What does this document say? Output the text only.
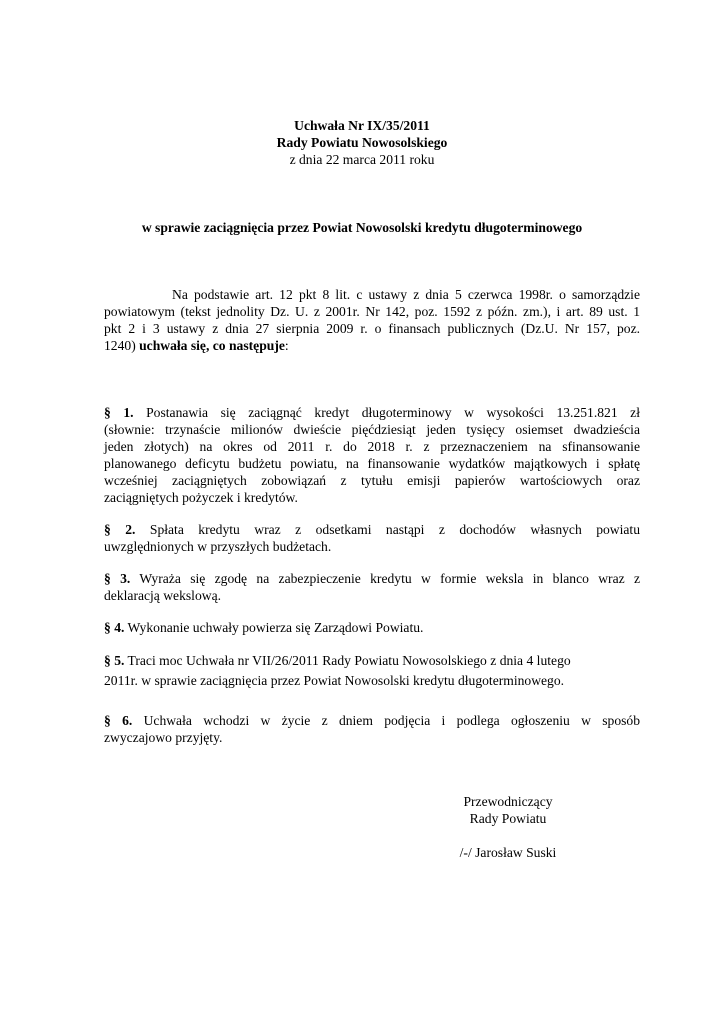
Uchwała Nr IX/35/2011
Rady Powiatu Nowosolskiego
z dnia 22 marca 2011 roku
w sprawie zaciągnięcia przez Powiat Nowosolski kredytu długoterminowego
Na podstawie art. 12 pkt 8 lit. c ustawy z dnia 5 czerwca 1998r. o samorządzie
powiatowym (tekst jednolity Dz. U. z 2001r. Nr 142, poz. 1592 z późn. zm.), i art. 89 ust. 1
pkt 2 i 3 ustawy z dnia 27 sierpnia 2009 r. o finansach publicznych (Dz.U. Nr 157, poz.
1240) uchwała się, co następuje:
§ 1. Postanawia się zaciągnąć kredyt długoterminowy w wysokości 13.251.821 zł
(słownie: trzynaście milionów dwieście pięćdziesiąt jeden tysięcy osiemset dwadzieścia
jeden złotych) na okres od 2011 r. do 2018 r. z przeznaczeniem na sfinansowanie
planowanego deficytu budżetu powiatu, na finansowanie wydatków majątkowych i spłatę
wcześniej zaciągniętych zobowiązań z tytułu emisji papierów wartościowych oraz
zaciągniętych pożyczek i kredytów.
§ 2. Spłata kredytu wraz z odsetkami nastąpi z dochodów własnych powiatu
uwzględnionych w przyszłych budżetach.
§ 3. Wyraża się zgodę na zabezpieczenie kredytu w formie weksla in blanco wraz z
deklaracją wekslową.
§ 4. Wykonanie uchwały powierza się Zarządowi Powiatu.
§ 5. Traci moc Uchwała nr VII/26/2011 Rady Powiatu Nowosolskiego z dnia 4 lutego
2011r. w sprawie zaciągnięcia przez Powiat Nowosolski kredytu długoterminowego.
§ 6. Uchwała wchodzi w życie z dniem podjęcia i podlega ogłoszeniu w sposób
zwyczajowo przyjęty.
Przewodniczący
Rady Powiatu
/-/ Jarosław Suski
